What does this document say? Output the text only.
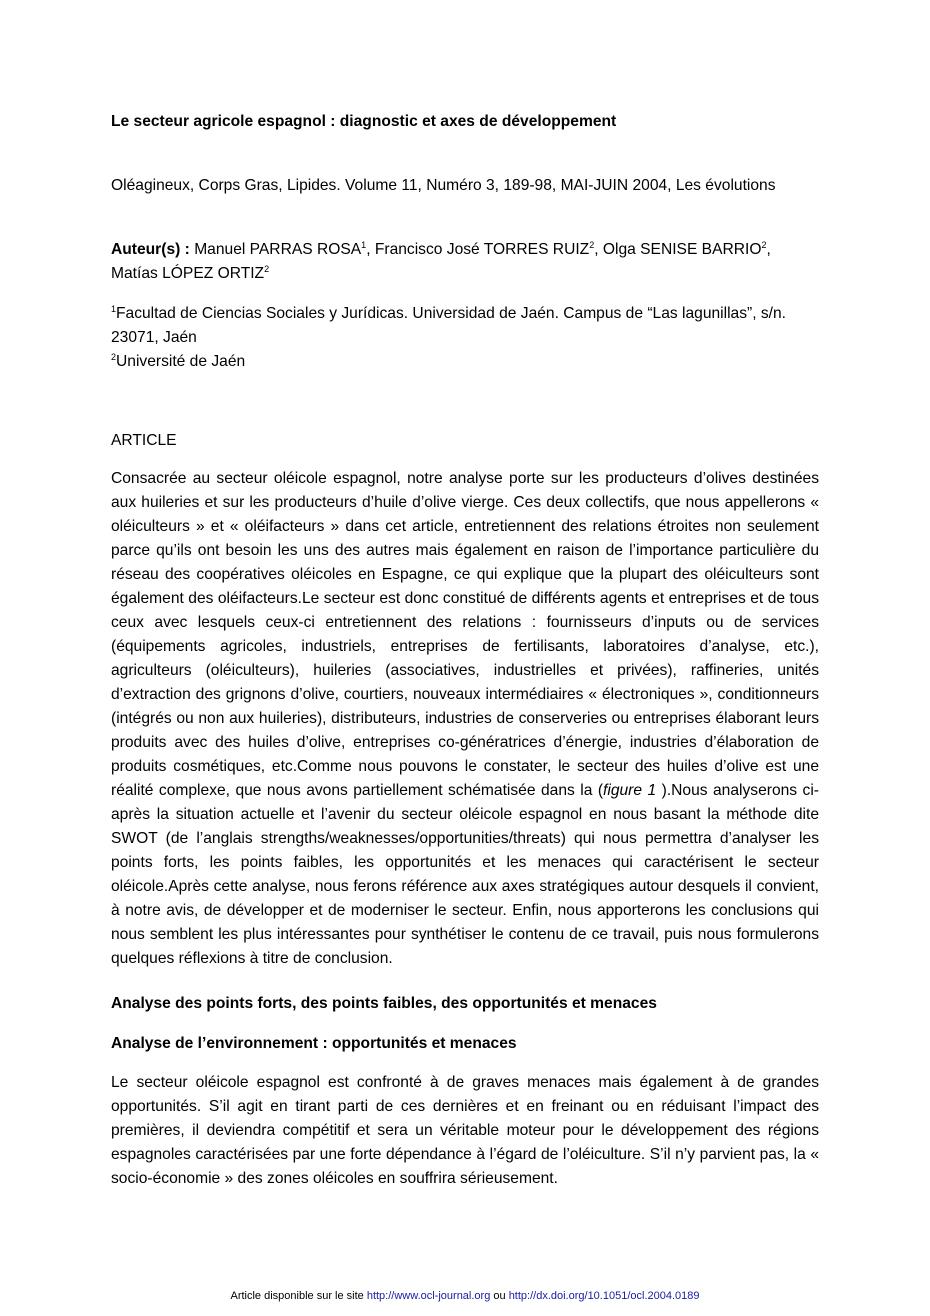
Le secteur agricole espagnol : diagnostic et axes de développement

Oléagineux, Corps Gras, Lipides. Volume 11, Numéro 3, 189-98, MAI-JUIN 2004, Les évolutions

Auteur(s) : Manuel PARRAS ROSA$^1$, Francisco José TORRES RUIZ$^2$, Olga SENISE BARRIO$^2$, Matías LÓPEZ ORTIZ$^2$

$^1$Facultad de Ciencias Sociales y Jurídicas. Universidad de Jaén. Campus de “Las lagunillas”, s/n.

23071, Jaén

$^2$Université de Jaén

ARTICLE

Consacrée au secteur oléicole espagnol, notre analyse porte sur les producteurs d’olives destinées aux huileries et sur les producteurs d’huile d’olive vierge. Ces deux collectifs, que nous appellerons « oléiculteurs » et « oléifacteurs » dans cet article, entretiennent des relations étroites non seulement parce qu’ils ont besoin les uns des autres mais également en raison de l’importance particulière du réseau des coopératives oléicoles en Espagne, ce qui explique que la plupart des oléiculteurs sont également des oléifacteurs.Le secteur est donc constitué de différents agents et entreprises et de tous ceux avec lesquels ceux-ci entretiennent des relations : fournisseurs d’inputs ou de services (équipements agricoles, industriels, entreprises de fertilisants, laboratoires d’analyse, etc.), agriculteurs (oléiculteurs), huileries (associatives, industrielles et privées), raffineries, unités d’extraction des grignons d’olive, courtiers, nouveaux intermédiaires « électroniques », conditionneurs (intégrés ou non aux huileries), distributeurs, industries de conserveries ou entreprises élaborant leurs produits avec des huiles d’olive, entreprises co-génératrices d’énergie, industries d’élaboration de produits cosmétiques, etc.Comme nous pouvons le constater, le secteur des huiles d’olive est une réalité complexe, que nous avons partiellement schématisée dans la (figure 1 ).Nous analyserons ci-après la situation actuelle et l’avenir du secteur oléicole espagnol en nous basant la méthode dite SWOT (de l’anglais strengths/weaknesses/opportunities/threats) qui nous permettra d’analyser les points forts, les points faibles, les opportunités et les menaces qui caractérisent le secteur oléicole.Après cette analyse, nous ferons référence aux axes stratégiques autour desquels il convient, à notre avis, de développer et de moderniser le secteur. Enfin, nous apporterons les conclusions qui nous semblent les plus intéressantes pour synthétiser le contenu de ce travail, puis nous formulerons quelques réflexions à titre de conclusion.

Analyse des points forts, des points faibles, des opportunités et menaces

Analyse de l’environnement : opportunités et menaces

Le secteur oléicole espagnol est confronté à de graves menaces mais également à de grandes opportunités. S’il agit en tirant parti de ces dernières et en freinant ou en réduisant l’impact des premières, il deviendra compétitif et sera un véritable moteur pour le développement des régions espagnoles caractérisées par une forte dépendance à l’égard de l’oléiculture. S’il n’y parvient pas, la « socio-économie » des zones oléicoles en souffrira sérieusement.

Article disponible sur le site http://www.ocl-journal.org ou http://dx.doi.org/10.1051/ocl.2004.0189
